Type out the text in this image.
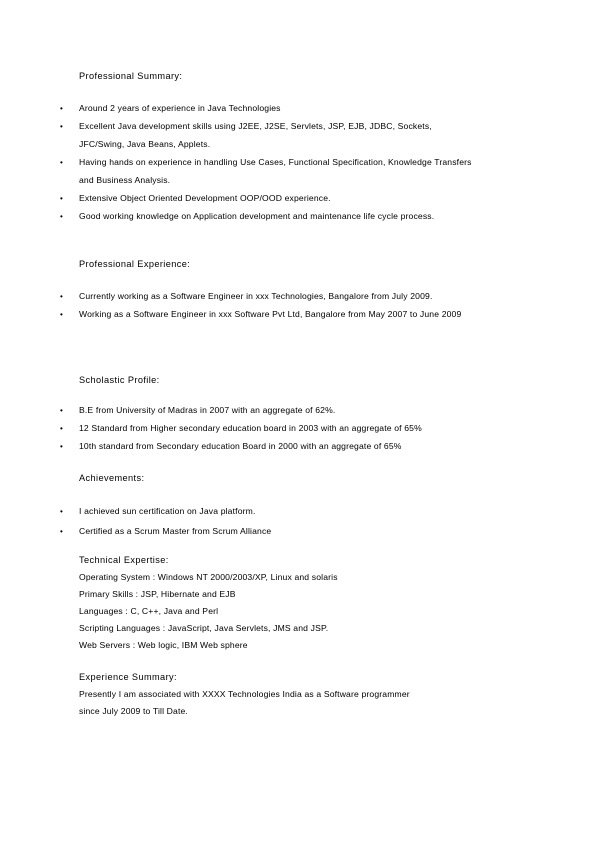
Professional Summary:
• Around 2 years of experience in Java Technologies
• Excellent Java development skills using J2EE, J2SE, Servlets, JSP, EJB, JDBC, Sockets, JFC/Swing, Java Beans, Applets.
• Having hands on experience in handling Use Cases, Functional Specification, Knowledge Transfers and Business Analysis.
• Extensive Object Oriented Development OOP/OOD experience.
• Good working knowledge on Application development and maintenance life cycle process.
Professional Experience:
• Currently working as a Software Engineer in xxx Technologies, Bangalore from July 2009.
• Working as a Software Engineer in xxx Software Pvt Ltd, Bangalore from May 2007 to June 2009
Scholastic Profile:
• B.E from University of Madras in 2007 with an aggregate of 62%.
• 12 Standard from Higher secondary education board in 2003 with an aggregate of 65%
• 10th standard from Secondary education Board in 2000 with an aggregate of 65%
Achievements:
• I achieved sun certification on Java platform.
• Certified as a Scrum Master from Scrum Alliance
Technical Expertise:
Operating System : Windows NT 2000/2003/XP, Linux and solaris
Primary Skills : JSP, Hibernate and EJB
Languages : C, C++, Java and Perl
Scripting Languages : JavaScript, Java Servlets, JMS and JSP.
Web Servers : Web logic, IBM Web sphere
Experience Summary:
Presently I am associated with XXXX Technologies India as a Software programmer
since July 2009 to Till Date.
